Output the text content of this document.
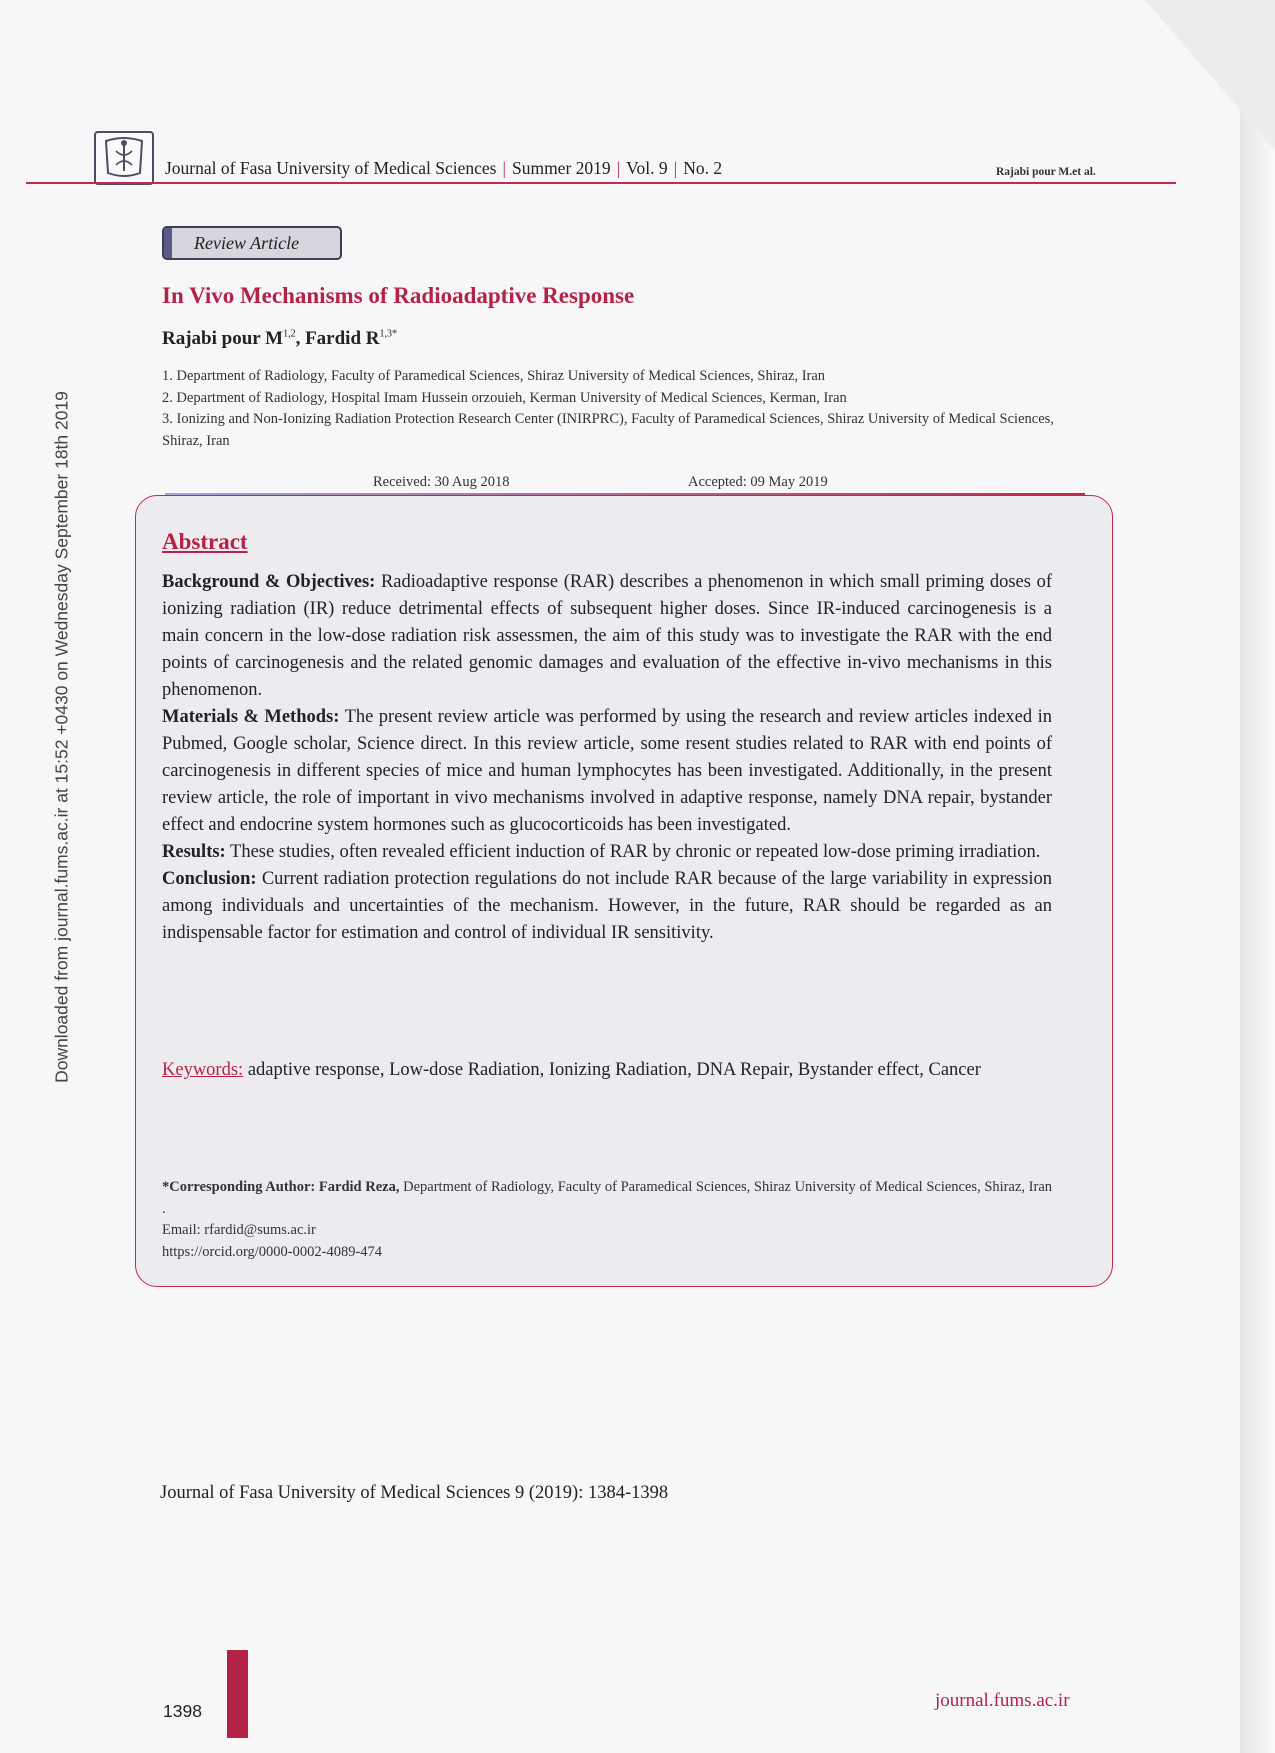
Journal of Fasa University of Medical Sciences | Summer 2019 | Vol. 9 | No. 2	Rajabi pour M.et al.
Downloaded from journal.fums.ac.ir at 15:52 +0430 on Wednesday September 18th 2019
Review Article
In Vivo Mechanisms of Radioadaptive Response
Rajabi pour M$^{1,2}$, Fardid $R^{1,3*}$
1. Department of Radiology, Faculty of Paramedical Sciences, Shiraz University of Medical Sciences, Shiraz, Iran
2. Department of Radiology, Hospital Imam Hussein orzouieh, Kerman University of Medical Sciences, Kerman, Iran
3. Ionizing and Non-Ionizing Radiation Protection Research Center (INIRPRC), Faculty of Paramedical Sciences, Shiraz University of Medical Sciences, Shiraz, Iran
Received: 30 Aug 2018	Accepted: 09 May 2019
Abstract

Background & Objectives: Radioadaptive response (RAR) describes a phenomenon in which small priming doses of ionizing radiation (IR) reduce detrimental effects of subsequent higher doses. Since IR-induced carcinogenesis is a main concern in the low-dose radiation risk assessmen, the aim of this study was to investigate the RAR with the end points of carcinogenesis and the related genomic damages and evaluation of the effective in-vivo mechanisms in this phenomenon.

Materials & Methods: The present review article was performed by using the research and review articles indexed in Pubmed, Google scholar, Science direct. In this review article, some resent studies related to RAR with end points of carcinogenesis in different species of mice and human lymphocytes has been investigated. Additionally, in the present review article, the role of important in vivo mechanisms involved in adaptive response, namely DNA repair, bystander effect and endocrine system hormones such as glucocorticoids has been investigated.

Results: These studies, often revealed efficient induction of RAR by chronic or repeated low-dose priming irradiation.

Conclusion: Current radiation protection regulations do not include RAR because of the large variability in expression among individuals and uncertainties of the mechanism. However, in the future, RAR should be regarded as an indispensable factor for estimation and control of individual IR sensitivity.

Keywords: adaptive response, Low-dose Radiation, Ionizing Radiation, DNA Repair, Bystander effect, Cancer
*Corresponding Author: Fardid Reza, Department of Radiology, Faculty of Paramedical Sciences, Shiraz University of Medical Sciences, Shiraz, Iran .
Email: rfardid@sums.ac.ir
https://orcid.org/0000-0002-4089-474
Journal of Fasa University of Medical Sciences 9 (2019): 1384-1398
1398	journal.fums.ac.ir
